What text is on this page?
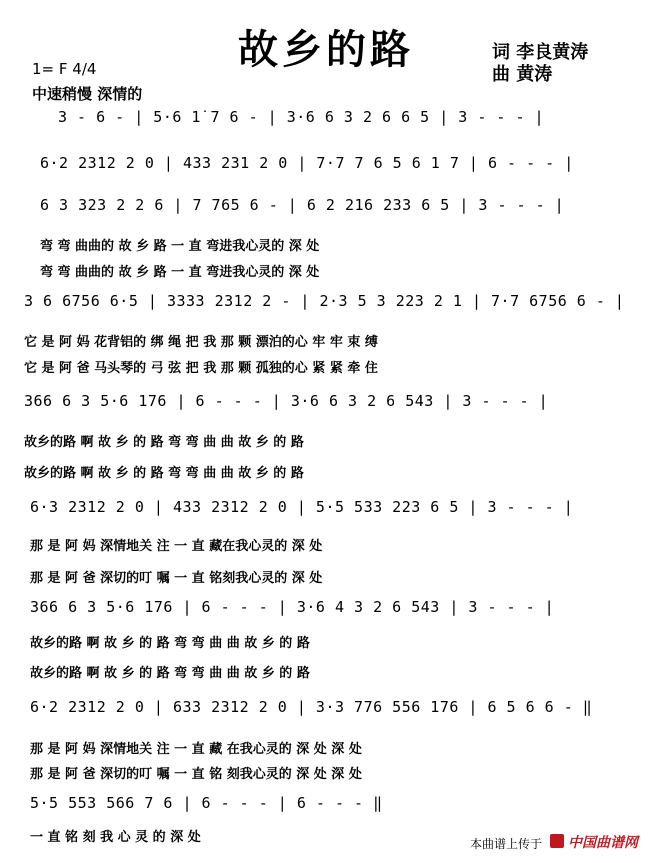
故乡的路	词 李良黄涛
曲 黄涛
1= F 4/4
中速稍慢 深情的
3 - 6 - | 5·6 1̇ 7 6 - | 3·6 6 3 2 6 6 5 | 3 - - - |
6·2 2312 2 0 | 433 231 2 0 | 7·7 7 6 5 6 1 7 | 6 - - - |
6 3 323 2 2 6 | 7 765 6 - | 6 2 216 233 6 5 | 3 - - - |
弯 弯 曲曲的 故 乡 路 一 直 弯进我心灵的 深 处
弯 弯 曲曲的 故 乡 路 一 直 弯进我心灵的 深 处
3 6 6756 6·5 | 3333 2312 2 - | 2·3 5 3 223 2 1 | 7·7 6756 6 - |
它 是 阿 妈 花背铝的 绑 绳 把 我 那 颗 漂泊的心 牢 牢 束 缚
它 是 阿 爸 马头琴的 弓 弦 把 我 那 颗 孤独的心 紧 紧 牵 住
366 6 3 5·6 176 | 6 - - - | 3·6 6 3 2 6 543 | 3 - - - |
故乡的路 啊 故 乡 的 路 弯 弯 曲 曲 故 乡 的 路
故乡的路 啊 故 乡 的 路 弯 弯 曲 曲 故 乡 的 路
6·3 2312 2 0 | 433 2312 2 0 | 5·5 533 223 6 5 | 3 - - - |
那 是 阿 妈 深情地关 注 一 直 藏在我心灵的 深 处
那 是 阿 爸 深切的叮 嘱 一 直 铭刻我心灵的 深 处
366 6 3 5·6 176 | 6 - - - | 3·6 4 3 2 6 543 | 3 - - - |
故乡的路 啊 故 乡 的 路 弯 弯 曲 曲 故 乡 的 路
故乡的路 啊 故 乡 的 路 弯 弯 曲 曲 故 乡 的 路
6·2 2312 2 0 | 633 2312 2 0 | 3·3 776 556 176 | 6 5 6 6 - ‖
那 是 阿 妈 深情地关 注 一 直 藏 在我心灵的 深 处 深 处
那 是 阿 爸 深切的叮 嘱 一 直 铭 刻我心灵的 深 处 深 处
5·5 553 566 7 6 | 6 - - - | 6 - - - ‖
一 直 铭 刻 我 心 灵 的 深 处	本曲谱上传于 中国曲谱网
